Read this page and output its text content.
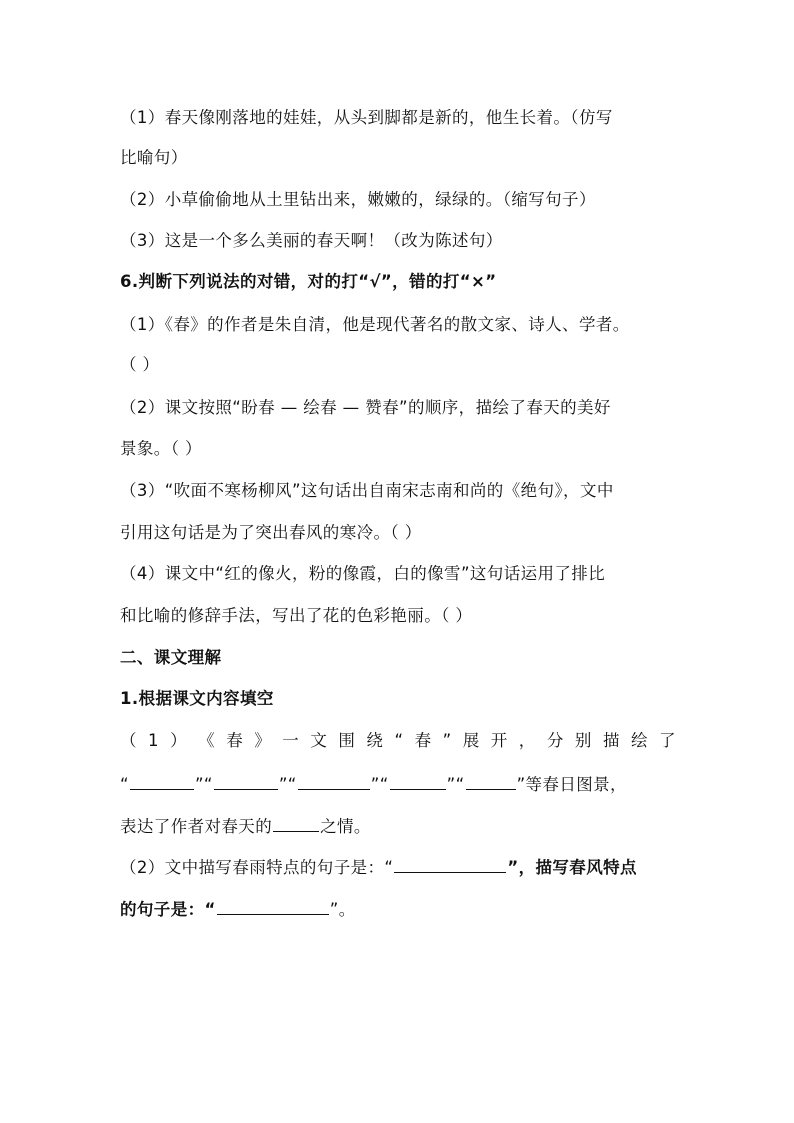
（1）春天像刚落地的娃娃，从头到脚都是新的，他生长着。（仿写
比喻句）
（2）小草偷偷地从土里钻出来，嫩嫩的，绿绿的。（缩写句子）
（3）这是一个多么美丽的春天啊！（改为陈述句）
6.判断下列说法的对错，对的打“√”，错的打“×”
（1）《春》的作者是朱自清，他是现代著名的散文家、诗人、学者。
（ ）
（2）课文按照“盼春 — 绘春 — 赞春”的顺序，描绘了春天的美好
景象。（ ）
（3）“吹面不寒杨柳风”这句话出自南宋志南和尚的《绝句》，文中
引用这句话是为了突出春风的寒冷。（ ）
（4）课文中“红的像火，粉的像霞，白的像雪”这句话运用了排比
和比喻的修辞手法，写出了花的色彩艳丽。（ ）
二、课文理解
1.根据课文内容填空
（ 1 ） 《 春 》 一 文 围 绕 “ 春 ” 展 开 ， 分 别 描 绘 了
“	”“	”“	”“	”“	”等春日图景，
表达了作者对春天的	之情。
（2）文中描写春雨特点的句子是：“	”，描写春风特点
的句子是：“	”。
